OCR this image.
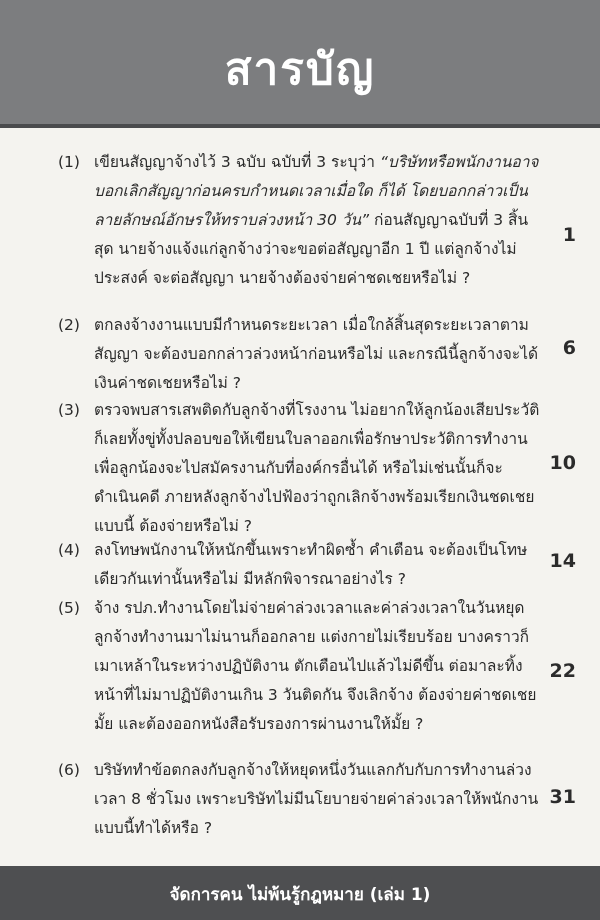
สารบัญ
(1) เขียนสัญญาจ้างไว้ 3 ฉบับ ฉบับที่ 3 ระบุว่า “บริษัทหรือพนักงานอาจบอกเลิกสัญญาก่อนครบกำหนดเวลาเมื่อใด ก็ได้ โดยบอกกล่าวเป็นลายลักษณ์อักษรให้ทราบล่วงหน้า 30 วัน” ก่อนสัญญาฉบับที่ 3 สิ้นสุด นายจ้างแจ้งแก่ลูกจ้างว่าจะขอต่อสัญญาอีก 1 ปี แต่ลูกจ้างไม่ประสงค์ จะต่อสัญญา นายจ้างต้องจ่ายค่าชดเชยหรือไม่ ?
1
(2) ตกลงจ้างงานแบบมีกำหนดระยะเวลา เมื่อใกล้สิ้นสุดระยะเวลาตามสัญญา จะต้องบอกกล่าวล่วงหน้าก่อนหรือไม่ และกรณีนี้ลูกจ้างจะได้เงินค่าชดเชยหรือไม่ ?
6
(3) ตรวจพบสารเสพติดกับลูกจ้างที่โรงงาน ไม่อยากให้ลูกน้องเสียประวัติ ก็เลยทั้งขู่ทั้งปลอบขอให้เขียนใบลาออกเพื่อรักษาประวัติการทำงาน เพื่อลูกน้องจะไปสมัครงานกับที่องค์กรอื่นได้ หรือไม่เช่นนั้นก็จะดำเนินคดี ภายหลังลูกจ้างไปฟ้องว่าถูกเลิกจ้างพร้อมเรียกเงินชดเชยแบบนี้ ต้องจ่ายหรือไม่ ?
10
(4) ลงโทษพนักงานให้หนักขึ้นเพราะทำผิดซ้ำ คำเตือน จะต้องเป็นโทษเดียวกันเท่านั้นหรือไม่ มีหลักพิจารณาอย่างไร ?
14
(5) จ้าง รปภ.ทำงานโดยไม่จ่ายค่าล่วงเวลาและค่าล่วงเวลาในวันหยุด ลูกจ้างทำงานมาไม่นานก็ออกลาย แต่งกายไม่เรียบร้อย บางคราวก็เมาเหล้าในระหว่างปฏิบัติงาน ตักเตือนไปแล้วไม่ดีขึ้น ต่อมาละทิ้งหน้าที่ไม่มาปฏิบัติงานเกิน 3 วันติดกัน จึงเลิกจ้าง ต้องจ่ายค่าชดเชยมั้ย และต้องออกหนังสือรับรองการผ่านงานให้มั้ย ?
22
(6) บริษัททำข้อตกลงกับลูกจ้างให้หยุดหนึ่งวันแลกกับกับการทำงานล่วงเวลา 8 ชั่วโมง เพราะบริษัทไม่มีนโยบายจ่ายค่าล่วงเวลาให้พนักงาน แบบนี้ทำได้หรือ ?
31
จัดการคน ไม่พ้นรู้กฎหมาย (เล่ม 1)
